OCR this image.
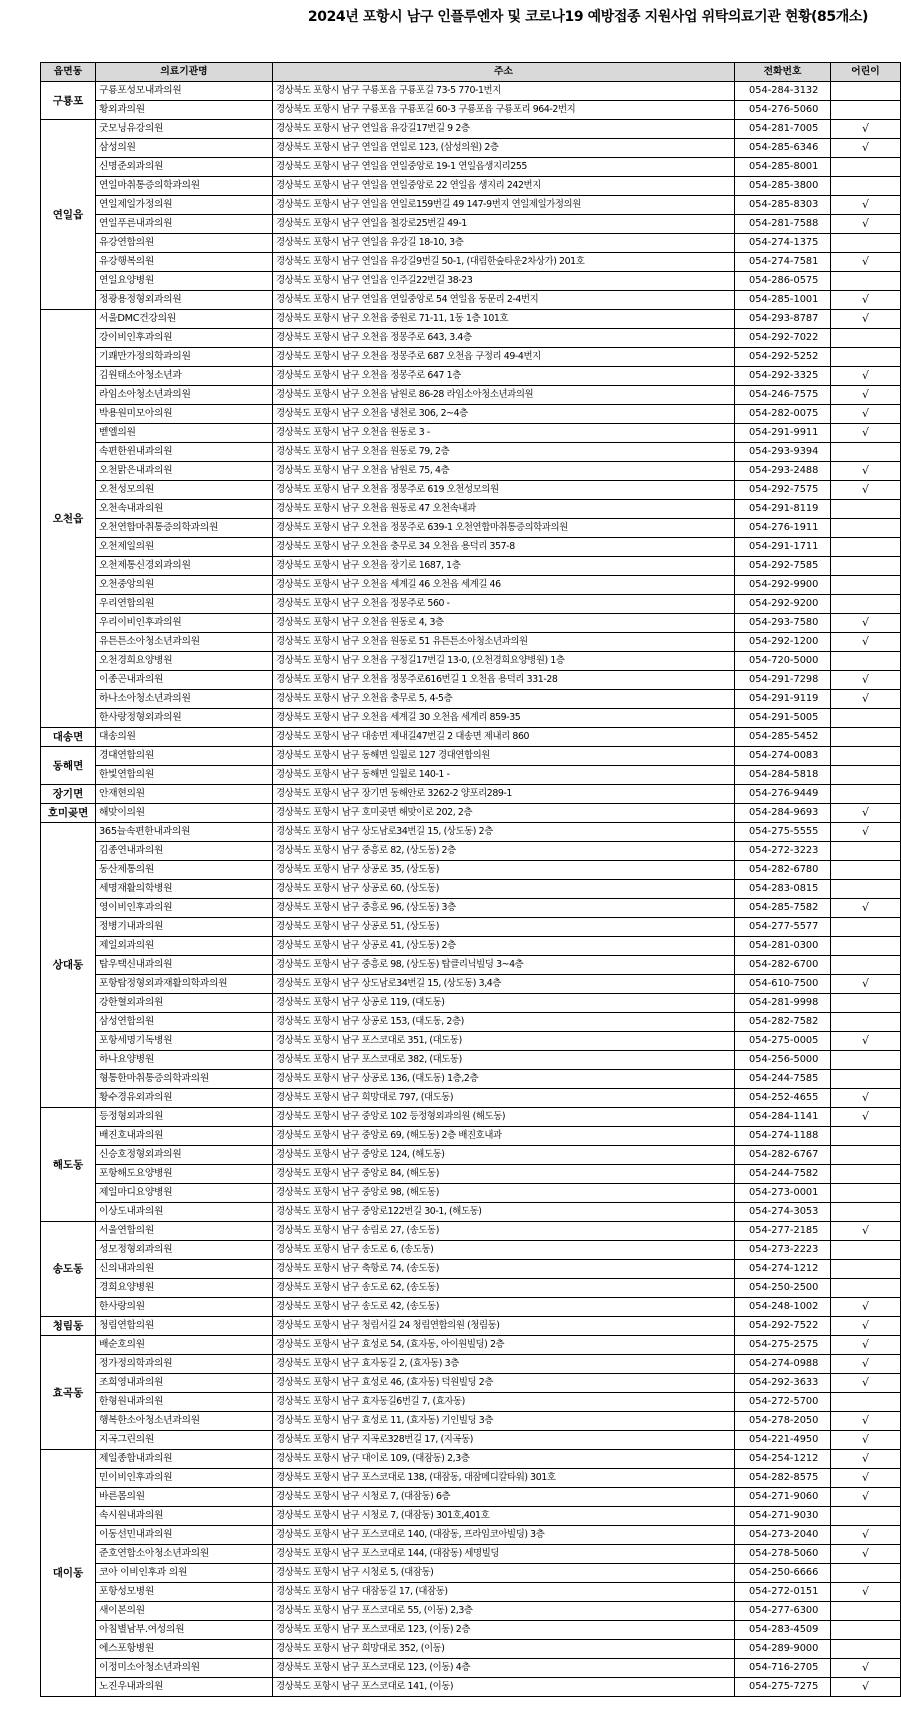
2024년 포항시 남구 인플루엔자 및 코로나19 예방접종 지원사업 위탁의료기관 현황(85개소)
읍면동	의료기관명	주소	전화번호	어린이
구룡포	구룡포성모내과의원	경상북도 포항시 남구 구룡포읍 구룡포길 73-5 770-1번지	054-284-3132	
	황외과의원	경상북도 포항시 남구 구룡포읍 구룡포길 60-3 구룡포읍 구룡포리 964-2번지	054-276-5060	
연일읍	굿모닝유강의원	경상북도 포항시 남구 연일읍 유강길17번길 9 2층	054-281-7005	√
	삼성의원	경상북도 포항시 남구 연일읍 연일로 123, (삼성의원) 2층	054-285-6346	√
	신명준외과의원	경상북도 포항시 남구 연일읍 연일중앙로 19-1 연일읍생지리255	054-285-8001	
	연일마취통증의학과의원	경상북도 포항시 남구 연일읍 연일중앙로 22 연일읍 생지리 242번지	054-285-3800	
	연일제일가정의원	경상북도 포항시 남구 연일읍 연일로159번길 49 147-9번지 연일제일가정의원	054-285-8303	√
	연일푸른내과의원	경상북도 포항시 남구 연일읍 철강로25번길 49-1	054-281-7588	√
	유강연합의원	경상북도 포항시 남구 연일읍 유강길 18-10, 3층	054-274-1375	
	유강행복의원	경상북도 포항시 남구 연일읍 유강길9번길 50-1, (대림한숲타운2차상가) 201호	054-274-7581	√
	연일요양병원	경상북도 포항시 남구 연일읍 인주길22번길 38-23	054-286-0575	
	정광용정형외과의원	경상북도 포항시 남구 연일읍 연일중앙로 54 연일읍 동문리 2-4번지	054-285-1001	√
오천읍	서울DMC건강의원	경상북도 포항시 남구 오천읍 중원로 71-11, 1동 1층 101호	054-293-8787	√
	강이비인후과의원	경상북도 포항시 남구 오천읍 정몽주로 643, 3.4층	054-292-7022	
	기쾌만가정의학과의원	경상북도 포항시 남구 오천읍 정몽주로 687 오천읍 구정리 49-4번지	054-292-5252	
	김원태소아청소년과	경상북도 포항시 남구 오천읍 정몽주로 647 1층	054-292-3325	√
	라임소아청소년과의원	경상북도 포항시 남구 오천읍 남원로 86-28 라임소아청소년과의원	054-246-7575	√
	박용원미모아의원	경상북도 포항시 남구 오천읍 냉천로 306, 2~4층	054-282-0075	√
	벧엘의원	경상북도 포항시 남구 오천읍 원동로 3 -	054-291-9911	√
	속편한윈내과의원	경상북도 포항시 남구 오천읍 원동로 79, 2층	054-293-9394	
	오천맑은내과의원	경상북도 포항시 남구 오천읍 남원로 75, 4층	054-293-2488	√
	오천성모의원	경상북도 포항시 남구 오천읍 정몽주로 619 오천성모의원	054-292-7575	√
	오천속내과의원	경상북도 포항시 남구 오천읍 원동로 47 오천속내과	054-291-8119	
	오천연합마취통증의학과의원	경상북도 포항시 남구 오천읍 정몽주로 639-1 오천연합마취통증의학과의원	054-276-1911	
	오천제일의원	경상북도 포항시 남구 오천읍 충무로 34 오천읍 용덕리 357-8	054-291-1711	
	오천제통신경외과의원	경상북도 포항시 남구 오천읍 장기로 1687, 1층	054-292-7585	
	오천중앙의원	경상북도 포항시 남구 오천읍 세계길 46 오천읍 세계길 46	054-292-9900	
	우리연합의원	경상북도 포항시 남구 오천읍 정몽주로 560 -	054-292-9200	
	우리이비인후과의원	경상북도 포항시 남구 오천읍 원동로 4, 3층	054-293-7580	√
	유튼튼소아청소년과의원	경상북도 포항시 남구 오천읍 원동로 51 유튼튼소아청소년과의원	054-292-1200	√
	오천경희요양병원	경상북도 포항시 남구 오천읍 구정길17번길 13-0, (오천경희요양병원) 1층	054-720-5000	
	이종곤내과의원	경상북도 포항시 남구 오천읍 정몽주로616번길 1 오천읍 용덕리 331-28	054-291-7298	√
	하나소아청소년과의원	경상북도 포항시 남구 오천읍 충무로 5, 4-5층	054-291-9119	√
	한사랑정형외과의원	경상북도 포항시 남구 오천읍 세계길 30 오천읍 세계리 859-35	054-291-5005	
대송면	대송의원	경상북도 포항시 남구 대송면 제내길47번길 2 대송면 제내리 860	054-285-5452	
동해면	경대연합의원	경상북도 포항시 남구 동해면 일월로 127 경대연합의원	054-274-0083	
	한빛연합의원	경상북도 포항시 남구 동해면 일월로 140-1 -	054-284-5818	
장기면	안재현의원	경상북도 포항시 남구 장기면 동해안로 3262-2 양포리289-1	054-276-9449	
호미곶면	해맞이의원	경상북도 포항시 남구 호미곶면 해맞이로 202, 2층	054-284-9693	√
상대동	365늘속편한내과의원	경상북도 포항시 남구 상도남로34번길 15, (상도동) 2층	054-275-5555	√
	김종연내과의원	경상북도 포항시 남구 중흥로 82, (상도동) 2층	054-272-3223	
	동산제통의원	경상북도 포항시 남구 상공로 35, (상도동)	054-282-6780	
	세명재활의학병원	경상북도 포항시 남구 상공로 60, (상도동)	054-283-0815	
	영이비인후과의원	경상북도 포항시 남구 중흥로 96, (상도동) 3층	054-285-7582	√
	정병기내과의원	경상북도 포항시 남구 상공로 51, (상도동)	054-277-5577	
	제일외과의원	경상북도 포항시 남구 상공로 41, (상도동) 2층	054-281-0300	
	탑우택신내과의원	경상북도 포항시 남구 중흥로 98, (상도동) 탑클리닉빌딩 3~4층	054-282-6700	
	포항탑정형외과재활의학과의원	경상북도 포항시 남구 상도남로34번길 15, (상도동) 3,4층	054-610-7500	√
	강한혈외과의원	경상북도 포항시 남구 상공로 119, (대도동)	054-281-9998	
	삼성연합의원	경상북도 포항시 남구 상공로 153, (대도동, 2층)	054-282-7582	
	포항세명기독병원	경상북도 포항시 남구 포스코대로 351, (대도동)	054-275-0005	√
	하나요양병원	경상북도 포항시 남구 포스코대로 382, (대도동)	054-256-5000	
	형통한마취통증의학과의원	경상북도 포항시 남구 상공로 136, (대도동) 1층,2층	054-244-7585	
	황수경유외과의원	경상북도 포항시 남구 희망대로 797, (대도동)	054-252-4655	√
해도동	등정형외과의원	경상북도 포항시 남구 중앙로 102 등정형외과의원 (해도동)	054-284-1141	√
	배진호내과의원	경상북도 포항시 남구 중앙로 69, (해도동) 2층 배진호내과	054-274-1188	
	신승호정형외과의원	경상북도 포항시 남구 중앙로 124, (해도동)	054-282-6767	
	포항해도요양병원	경상북도 포항시 남구 중앙로 84, (해도동)	054-244-7582	
	제일마디요양병원	경상북도 포항시 남구 중앙로 98, (해도동)	054-273-0001	
	이상도내과의원	경상북도 포항시 남구 중앙로122번길 30-1, (해도동)	054-274-3053	
송도동	서울연합의원	경상북도 포항시 남구 송림로 27, (송도동)	054-277-2185	√
	성모정형외과의원	경상북도 포항시 남구 송도로 6, (송도동)	054-273-2223	
	신의내과의원	경상북도 포항시 남구 축항로 74, (송도동)	054-274-1212	
	경희요양병원	경상북도 포항시 남구 송도로 62, (송도동)	054-250-2500	
	한사랑의원	경상북도 포항시 남구 송도로 42, (송도동)	054-248-1002	√
청림동	청림연합의원	경상북도 포항시 남구 청림서길 24 청림연합의원 (청림동)	054-292-7522	√
효곡동	배순호의원	경상북도 포항시 남구 효성로 54, (효자동, 아이원빌딩) 2층	054-275-2575	√
	정가정의학과의원	경상북도 포항시 남구 효자동길 2, (효자동) 3층	054-274-0988	√
	조희영내과의원	경상북도 포항시 남구 효성로 46, (효자동) 덕원빌딩 2층	054-292-3633	√
	한형원내과의원	경상북도 포항시 남구 효자동길6번길 7, (효자동)	054-272-5700	
	행복한소아청소년과의원	경상북도 포항시 남구 효성로 11, (효자동) 기인빌딩 3층	054-278-2050	√
	지곡그린의원	경상북도 포항시 남구 지곡로328번길 17, (지곡동)	054-221-4950	√
대이동	제일종합내과의원	경상북도 포항시 남구 대이로 109, (대잠동) 2,3층	054-254-1212	√
	민이비인후과의원	경상북도 포항시 남구 포스코대로 138, (대잠동, 대잠메디칼타워) 301호	054-282-8575	√
	바른몸의원	경상북도 포항시 남구 시청로 7, (대잠동) 6층	054-271-9060	√
	속시원내과의원	경상북도 포항시 남구 시청로 7, (대잠동) 301호,401호	054-271-9030	
	이동선민내과의원	경상북도 포항시 남구 포스코대로 140, (대잠동, 프라임코아빌딩) 3층	054-273-2040	√
	준호연합소아청소년과의원	경상북도 포항시 남구 포스코대로 144, (대잠동) 세명빌딩	054-278-5060	√
	코아 이비인후과 의원	경상북도 포항시 남구 시청로 5, (대잠동)	054-250-6666	
	포항성모병원	경상북도 포항시 남구 대잠동길 17, (대잠동)	054-272-0151	√
	새이본의원	경상북도 포항시 남구 포스코대로 55, (이동) 2,3층	054-277-6300	
	아침별남부.여성의원	경상북도 포항시 남구 포스코대로 123, (이동) 2층	054-283-4509	
	에스포항병원	경상북도 포항시 남구 희망대로 352, (이동)	054-289-9000	
	이정미소아청소년과의원	경상북도 포항시 남구 포스코대로 123, (이동) 4층	054-716-2705	√
	노진우내과의원	경상북도 포항시 남구 포스코대로 141, (이동)	054-275-7275	√
